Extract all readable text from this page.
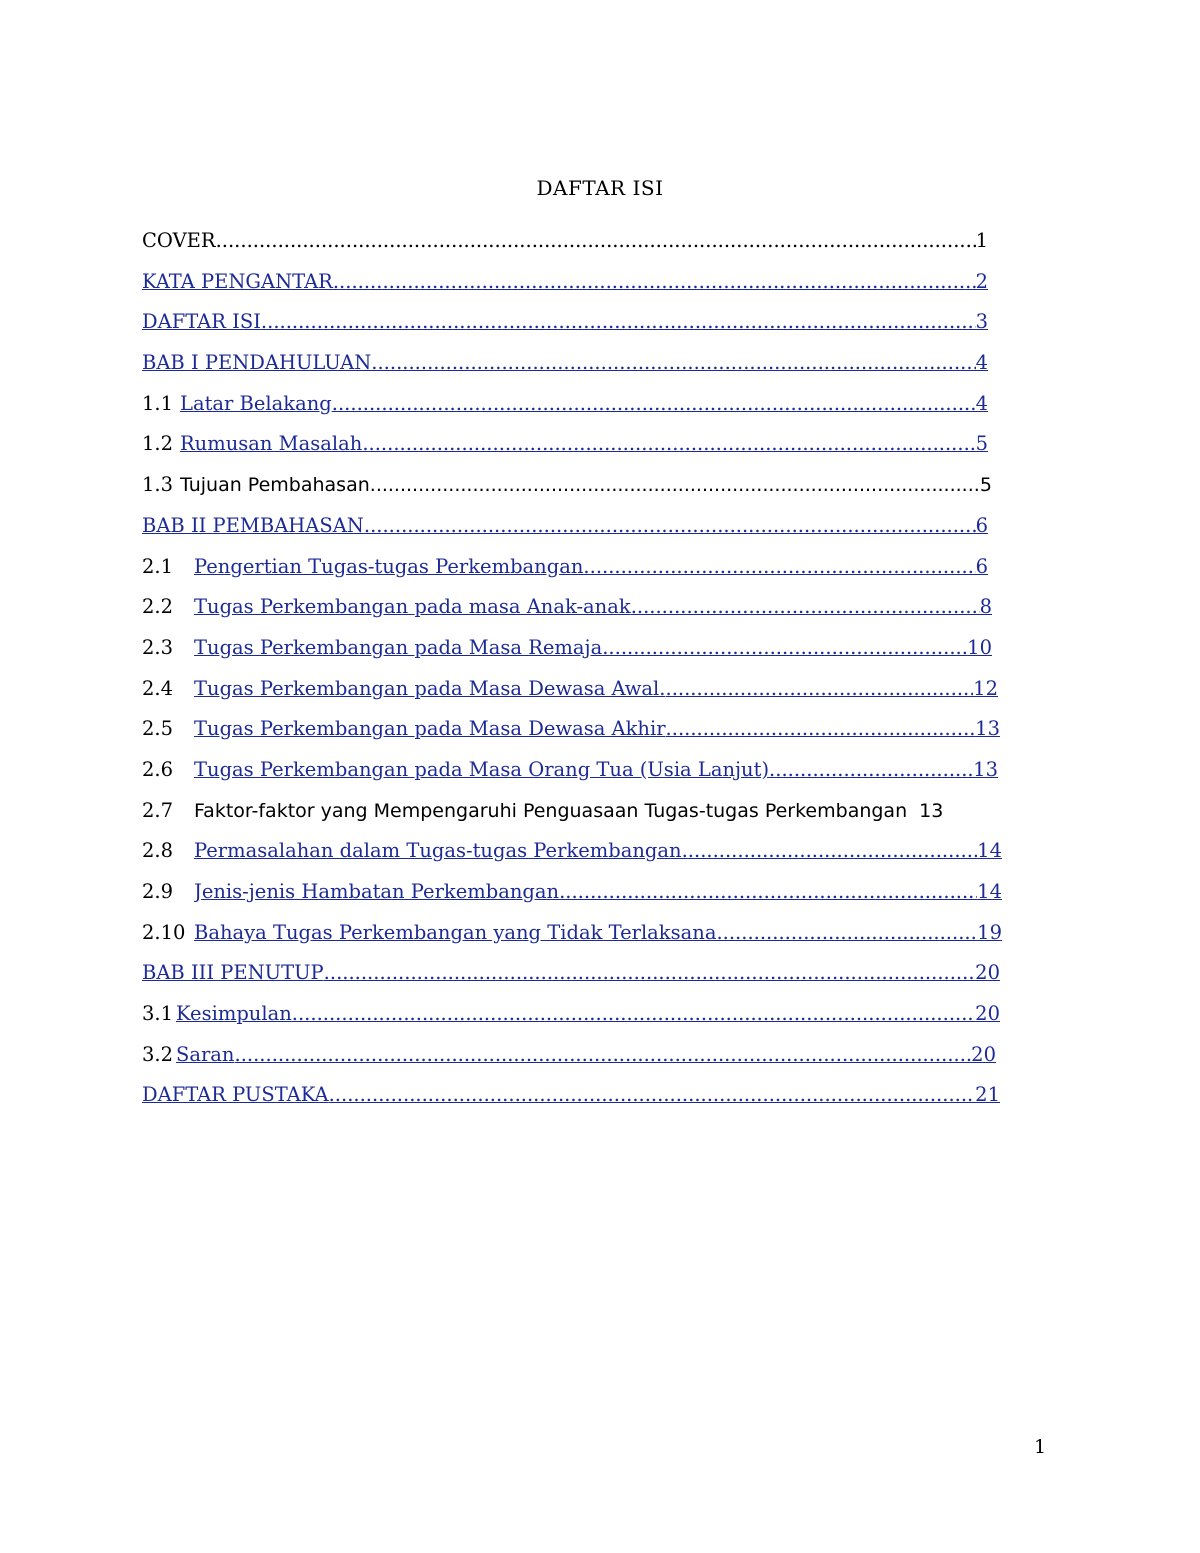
DAFTAR ISI
COVER .....	1
KATA PENGANTAR .....	2
DAFTAR ISI .....	3
BAB I PENDAHULUAN .....	4
1.1 Latar Belakang .....	4
1.2 Rumusan Masalah .....	5
1.3 Tujuan Pembahasan. .....	5
BAB II PEMBAHASAN .....	6
2.1 Pengertian Tugas-tugas Perkembangan .....	6
2.2 Tugas Perkembangan pada masa Anak-anak .....	8
2.3 Tugas Perkembangan pada Masa Remaja .....	10
2.4 Tugas Perkembangan pada Masa Dewasa Awal. .....	12
2.5 Tugas Perkembangan pada Masa Dewasa Akhir .....	13
2.6 Tugas Perkembangan pada Masa Orang Tua (Usia Lanjut). .....	13
2.7 Faktor-faktor yang Mempengaruhi Penguasaan Tugas-tugas Perkembangan 13
2.8 Permasalahan dalam Tugas-tugas Perkembangan. .....	14
2.9 Jenis-jenis Hambatan Perkembangan .....	14
2.10 Bahaya Tugas Perkembangan yang Tidak Terlaksana .....	19
BAB III PENUTUP .....	20
3.1 Kesimpulan .....	20
3.2 Saran .....	20
DAFTAR PUSTAKA .....	21
1
